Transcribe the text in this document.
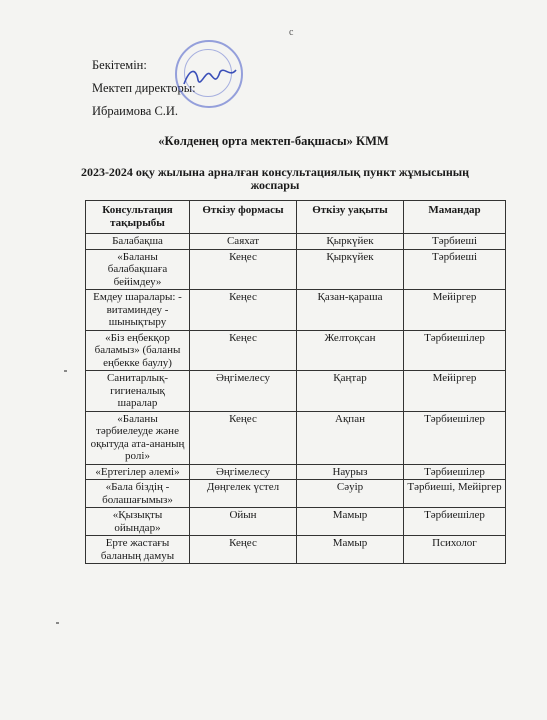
с
Бекітемін:
Мектеп директоры:
Ибраимова С.И.
«Көлденең орта мектеп-бақшасы» КММ
2023-2024 оқу жылына арналған консультациялық пункт жұмысының жоспары
Консультация тақырыбы	Өткізу формасы	Өткізу уақыты	Мамандар
Балабақша	Саяхат	Қыркүйек	Тәрбиеші
«Баланы балабақшаға бейімдеу»	Кеңес	Қыркүйек	Тәрбиеші
Емдеу шаралары: - витаминдеу - шынықтыру	Кеңес	Қазан-қараша	Мейіргер
«Біз еңбекқор баламыз» (баланы еңбекке баулу)	Кеңес	Желтоқсан	Тәрбиешілер
Санитарлық-гигиеналық шаралар	Әңгімелесу	Қаңтар	Мейіргер
«Баланы тәрбиелеуде және оқытуда ата-ананың ролі»	Кеңес	Ақпан	Тәрбиешілер
«Ертегілер әлемі»	Әңгімелесу	Наурыз	Тәрбиешілер
«Бала біздің - болашағымыз»	Дөңгелек үстел	Сәуір	Тәрбиеші, Мейіргер
«Қызықты ойындар»	Ойын	Мамыр	Тәрбиешілер
Ерте жастағы баланың дамуы	Кеңес	Мамыр	Психолог
